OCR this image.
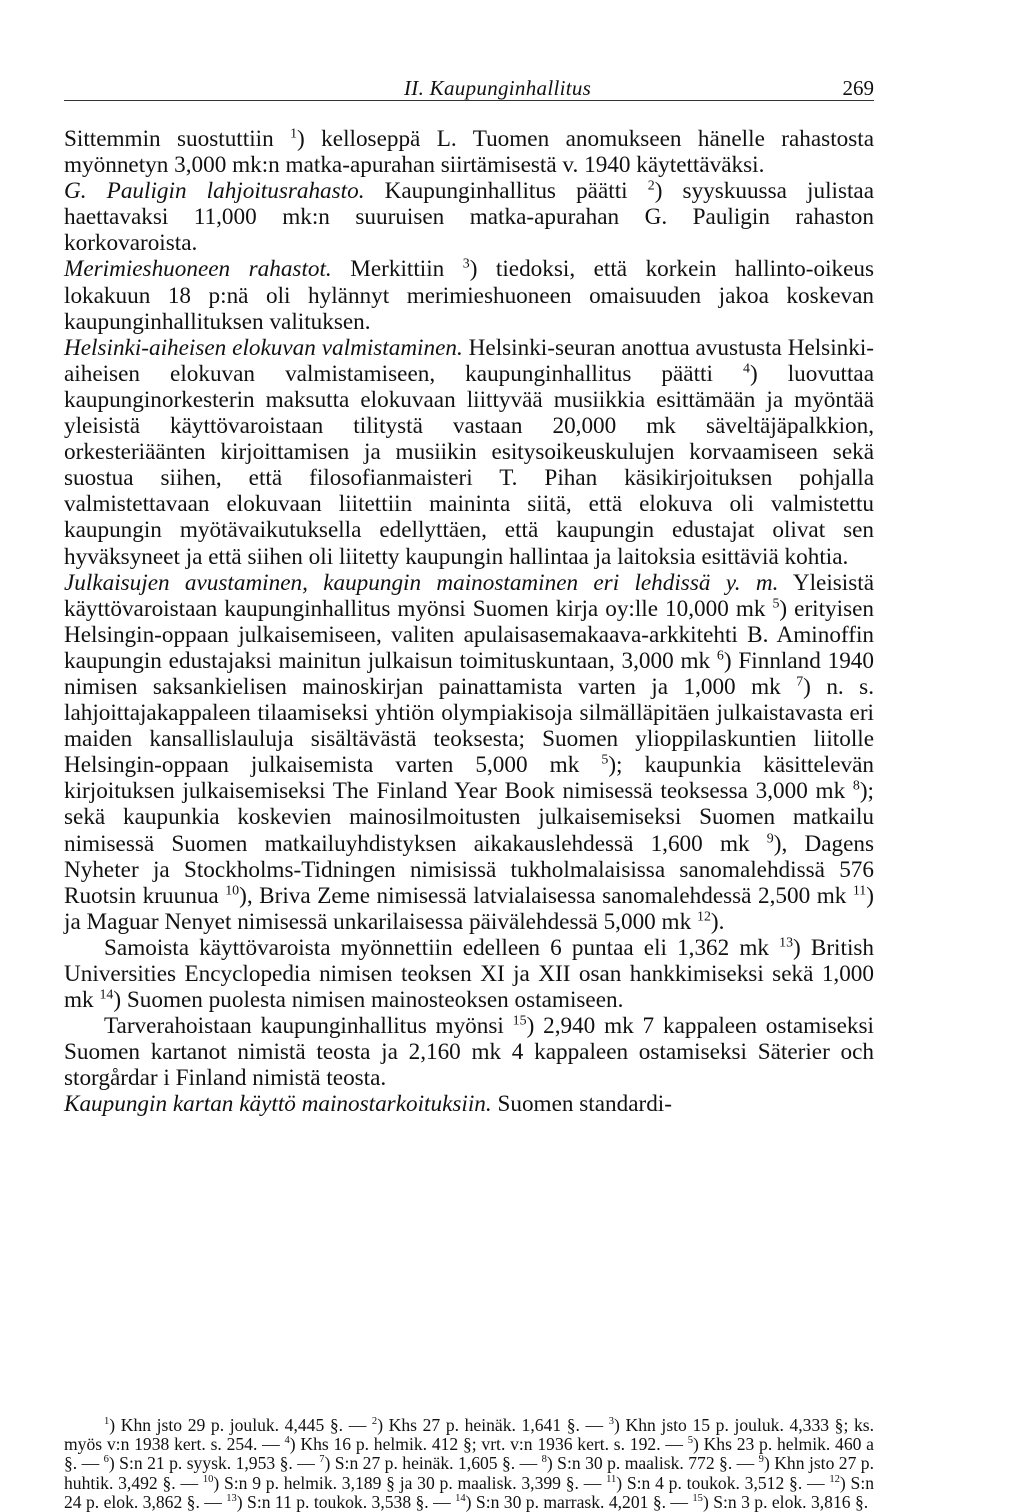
II. Kaupunginhallitus	269

Sittemmin suostuttiin $^1$) kelloseppä L. Tuomen anomukseen hänelle rahastosta myönnetyn 3,000 mk:n matka-apurahan siirtämisestä v. 1940 käytettäväksi.

G. Pauligin lahjoitusrahasto. Kaupunginhallitus päätti $^2$) syyskuussa julistaa haettavaksi 11,000 mk:n suuruisen matka-apurahan G. Pauligin rahaston korkovaroista.

Merimieshuoneen rahastot. Merkittiin $^3$) tiedoksi, että korkein hallinto-oikeus lokakuun 18 p:nä oli hylännyt merimieshuoneen omaisuuden jakoa koskevan kaupunginhallituksen valituksen.

Helsinki-aiheisen elokuvan valmistaminen. Helsinki-seuran anottua avustusta Helsinki-aiheisen elokuvan valmistamiseen, kaupunginhallitus päätti $^4$) luovuttaa kaupunginorkesterin maksutta elokuvaan liittyvää musiikkia esittämään ja myöntää yleisistä käyttövaroistaan tilitystä vastaan 20,000 mk säveltäjäpalkkion, orkesteriäänten kirjoittamisen ja musiikin esitysoikeuskulujen korvaamiseen sekä suostua siihen, että filosofianmaisteri T. Pihan käsikirjoituksen pohjalla valmistettavaan elokuvaan liitettiin maininta siitä, että elokuva oli valmistettu kaupungin myötävaikutuksella edellyttäen, että kaupungin edustajat olivat sen hyväksyneet ja että siihen oli liitetty kaupungin hallintaa ja laitoksia esittäviä kohtia.

Julkaisujen avustaminen, kaupungin mainostaminen eri lehdissä y. m. Yleisistä käyttövaroistaan kaupunginhallitus myönsi Suomen kirja oy:lle 10,000 mk $^5$) erityisen Helsingin-oppaan julkaisemiseen, valiten apulaisasemakaava-arkkitehti B. Aminoffin kaupungin edustajaksi mainitun julkaisun toimituskuntaan, 3,000 mk $^6$) Finnland 1940 nimisen saksankielisen mainoskirjan painattamista varten ja 1,000 mk $^7$) n. s. lahjoittajakappaleen tilaamiseksi yhtiön olympiakisoja silmälläpitäen julkaistavasta eri maiden kansallislauluja sisältävästä teoksesta; Suomen ylioppilaskuntien liitolle Helsingin-oppaan julkaisemista varten 5,000 mk $^5$); kaupunkia käsittelevän kirjoituksen julkaisemiseksi The Finland Year Book nimisessä teoksessa 3,000 mk $^8$); sekä kaupunkia koskevien mainosilmoitusten julkaisemiseksi Suomen matkailu nimisessä Suomen matkailuyhdistyksen aikakauslehdessä 1,600 mk $^9$), Dagens Nyheter ja Stockholms-Tidningen nimisissä tukholmalaisissa sanomalehdissä 576 Ruotsin kruunua $^{10}$), Briva Zeme nimisessä latvialaisessa sanomalehdessä 2,500 mk $^{11}$) ja Maguar Nenyet nimisessä unkarilaisessa päivälehdessä 5,000 mk $^{12}$).

Samoista käyttövaroista myönnettiin edelleen 6 puntaa eli 1,362 mk $^{13}$) British Universities Encyclopedia nimisen teoksen XI ja XII osan hankkimiseksi sekä 1,000 mk $^{14}$) Suomen puolesta nimisen mainosteoksen ostamiseen.

Tarverahoistaan kaupunginhallitus myönsi $^{15}$) 2,940 mk 7 kappaleen ostamiseksi Suomen kartanot nimistä teosta ja 2,160 mk 4 kappaleen ostamiseksi Säterier och storgårdar i Finland nimistä teosta.

Kaupungin kartan käyttö mainostarkoituksiin. Suomen standardi-

$^1$) Khn jsto 29 p. jouluk. 4,445 §. — $^2$) Khs 27 p. heinäk. 1,641 §. — $^3$) Khn jsto 15 p. jouluk. 4,333 §; ks. myös v:n 1938 kert. s. 254. — $^4$) Khs 16 p. helmik. 412 §; vrt. v:n 1936 kert. s. 192. — $^5$) Khs 23 p. helmik. 460 a §. — $^6$) S:n 21 p. syysk. 1,953 §. — $^7$) S:n 27 p. heinäk. 1,605 §. — $^8$) S:n 30 p. maalisk. 772 §. — $^9$) Khn jsto 27 p. huhtik. 3,492 §. — $^{10}$) S:n 9 p. helmik. 3,189 § ja 30 p. maalisk. 3,399 §. — $^{11}$) S:n 4 p. toukok. 3,512 §. — $^{12}$) S:n 24 p. elok. 3,862 §. — $^{13}$) S:n 11 p. toukok. 3,538 §. — $^{14}$) S:n 30 p. marrask. 4,201 §. — $^{15}$) S:n 3 p. elok. 3,816 §.
